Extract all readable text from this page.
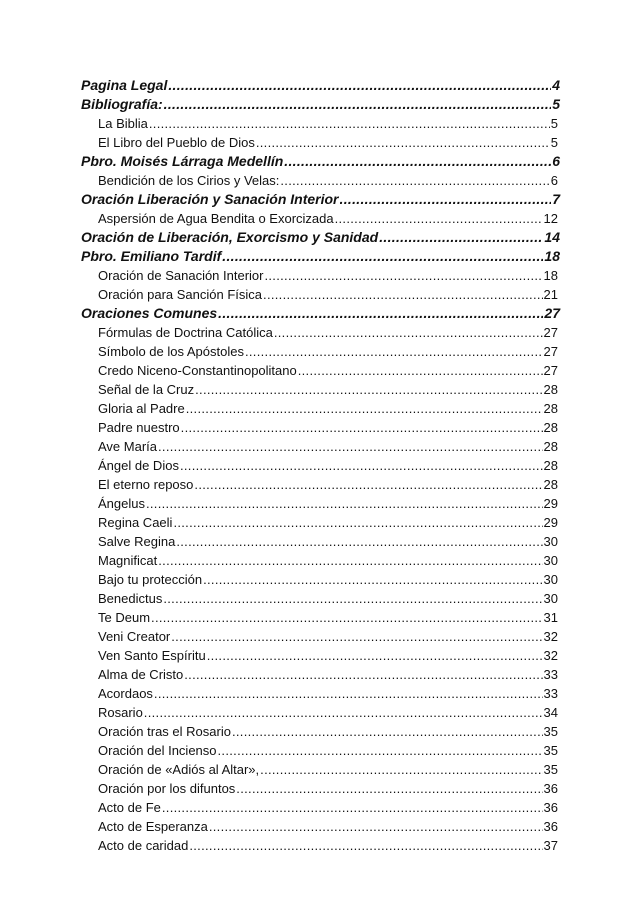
Pagina Legal .....	4
Bibliografía: .....	5
La Biblia .....	5
El Libro del Pueblo de Dios .....	5
Pbro. Moisés Lárraga Medellín .....	6
Bendición de los Cirios y Velas: .....	6
Oración Liberación y Sanación Interior .....	7
Aspersión de Agua Bendita o Exorcizada .....	12
Oración de Liberación, Exorcismo y Sanidad .....	14
Pbro. Emiliano Tardif .....	18
Oración de Sanación Interior .....	18
Oración para Sanción Física .....	21
Oraciones Comunes .....	27
Fórmulas de Doctrina Católica .....	27
Símbolo de los Apóstoles .....	27
Credo Niceno-Constantinopolitano .....	27
Señal de la Cruz .....	28
Gloria al Padre .....	28
Padre nuestro .....	28
Ave María .....	28
Ángel de Dios .....	28
El eterno reposo .....	28
Ángelus .....	29
Regina Caeli .....	29
Salve Regina .....	30
Magnificat .....	30
Bajo tu protección .....	30
Benedictus .....	30
Te Deum .....	31
Veni Creator .....	32
Ven Santo Espíritu .....	32
Alma de Cristo .....	33
Acordaos .....	33
Rosario .....	34
Oración tras el Rosario .....	35
Oración del Incienso .....	35
Oración de «Adiós al Altar», .....	35
Oración por los difuntos .....	36
Acto de Fe .....	36
Acto de Esperanza .....	36
Acto de caridad .....	37
